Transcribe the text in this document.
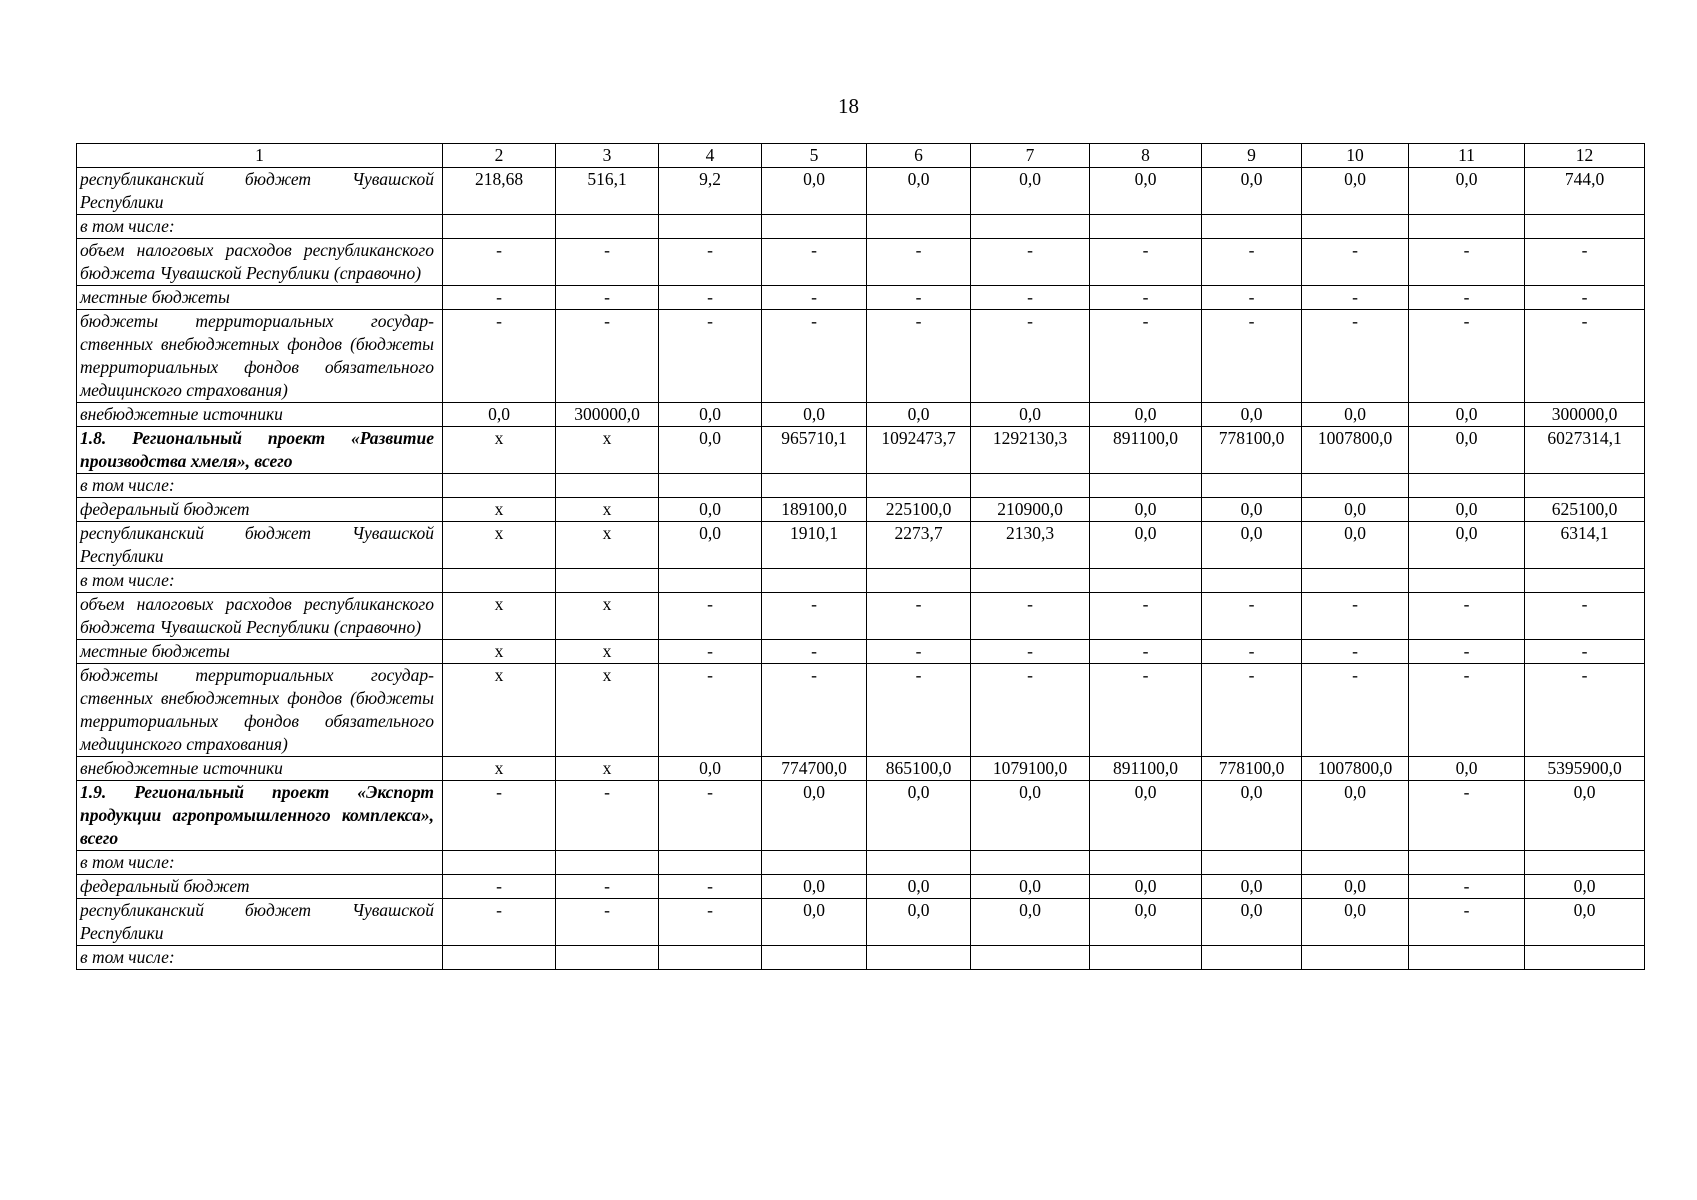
18
1	2	3	4	5	6	7	8	9	10	11	12
республиканский бюджет Чувашской Республики	218,68	516,1	9,2	0,0	0,0	0,0	0,0	0,0	0,0	0,0	744,0
в том числе:											
объем налоговых расходов республиканского бюджета Чувашской Республики (справочно)	-	-	-	-	-	-	-	-	-	-	-
местные бюджеты	-	-	-	-	-	-	-	-	-	-	-
бюджеты территориальных государственных внебюджетных фондов (бюджеты территориальных фондов обязательного медицинского страхования)	-	-	-	-	-	-	-	-	-	-	-
внебюджетные источники	0,0	300000,0	0,0	0,0	0,0	0,0	0,0	0,0	0,0	0,0	300000,0
1.8. Региональный проект «Развитие производства хмеля», всего	х	х	0,0	965710,1	1092473,7	1292130,3	891100,0	778100,0	1007800,0	0,0	6027314,1
в том числе:											
федеральный бюджет	х	х	0,0	189100,0	225100,0	210900,0	0,0	0,0	0,0	0,0	625100,0
республиканский бюджет Чувашской Республики	х	х	0,0	1910,1	2273,7	2130,3	0,0	0,0	0,0	0,0	6314,1
в том числе:											
объем налоговых расходов республиканского бюджета Чувашской Республики (справочно)	х	х	-	-	-	-	-	-	-	-	-
местные бюджеты	х	х	-	-	-	-	-	-	-	-	-
бюджеты территориальных государственных внебюджетных фондов (бюджеты территориальных фондов обязательного медицинского страхования)	х	х	-	-	-	-	-	-	-	-	-
внебюджетные источники	х	х	0,0	774700,0	865100,0	1079100,0	891100,0	778100,0	1007800,0	0,0	5395900,0
1.9. Региональный проект «Экспорт продукции агропромышленного комплекса», всего	-	-	-	0,0	0,0	0,0	0,0	0,0	0,0	-	0,0
в том числе:											
федеральный бюджет	-	-	-	0,0	0,0	0,0	0,0	0,0	0,0	-	0,0
республиканский бюджет Чувашской Республики	-	-	-	0,0	0,0	0,0	0,0	0,0	0,0	-	0,0
в том числе:											
